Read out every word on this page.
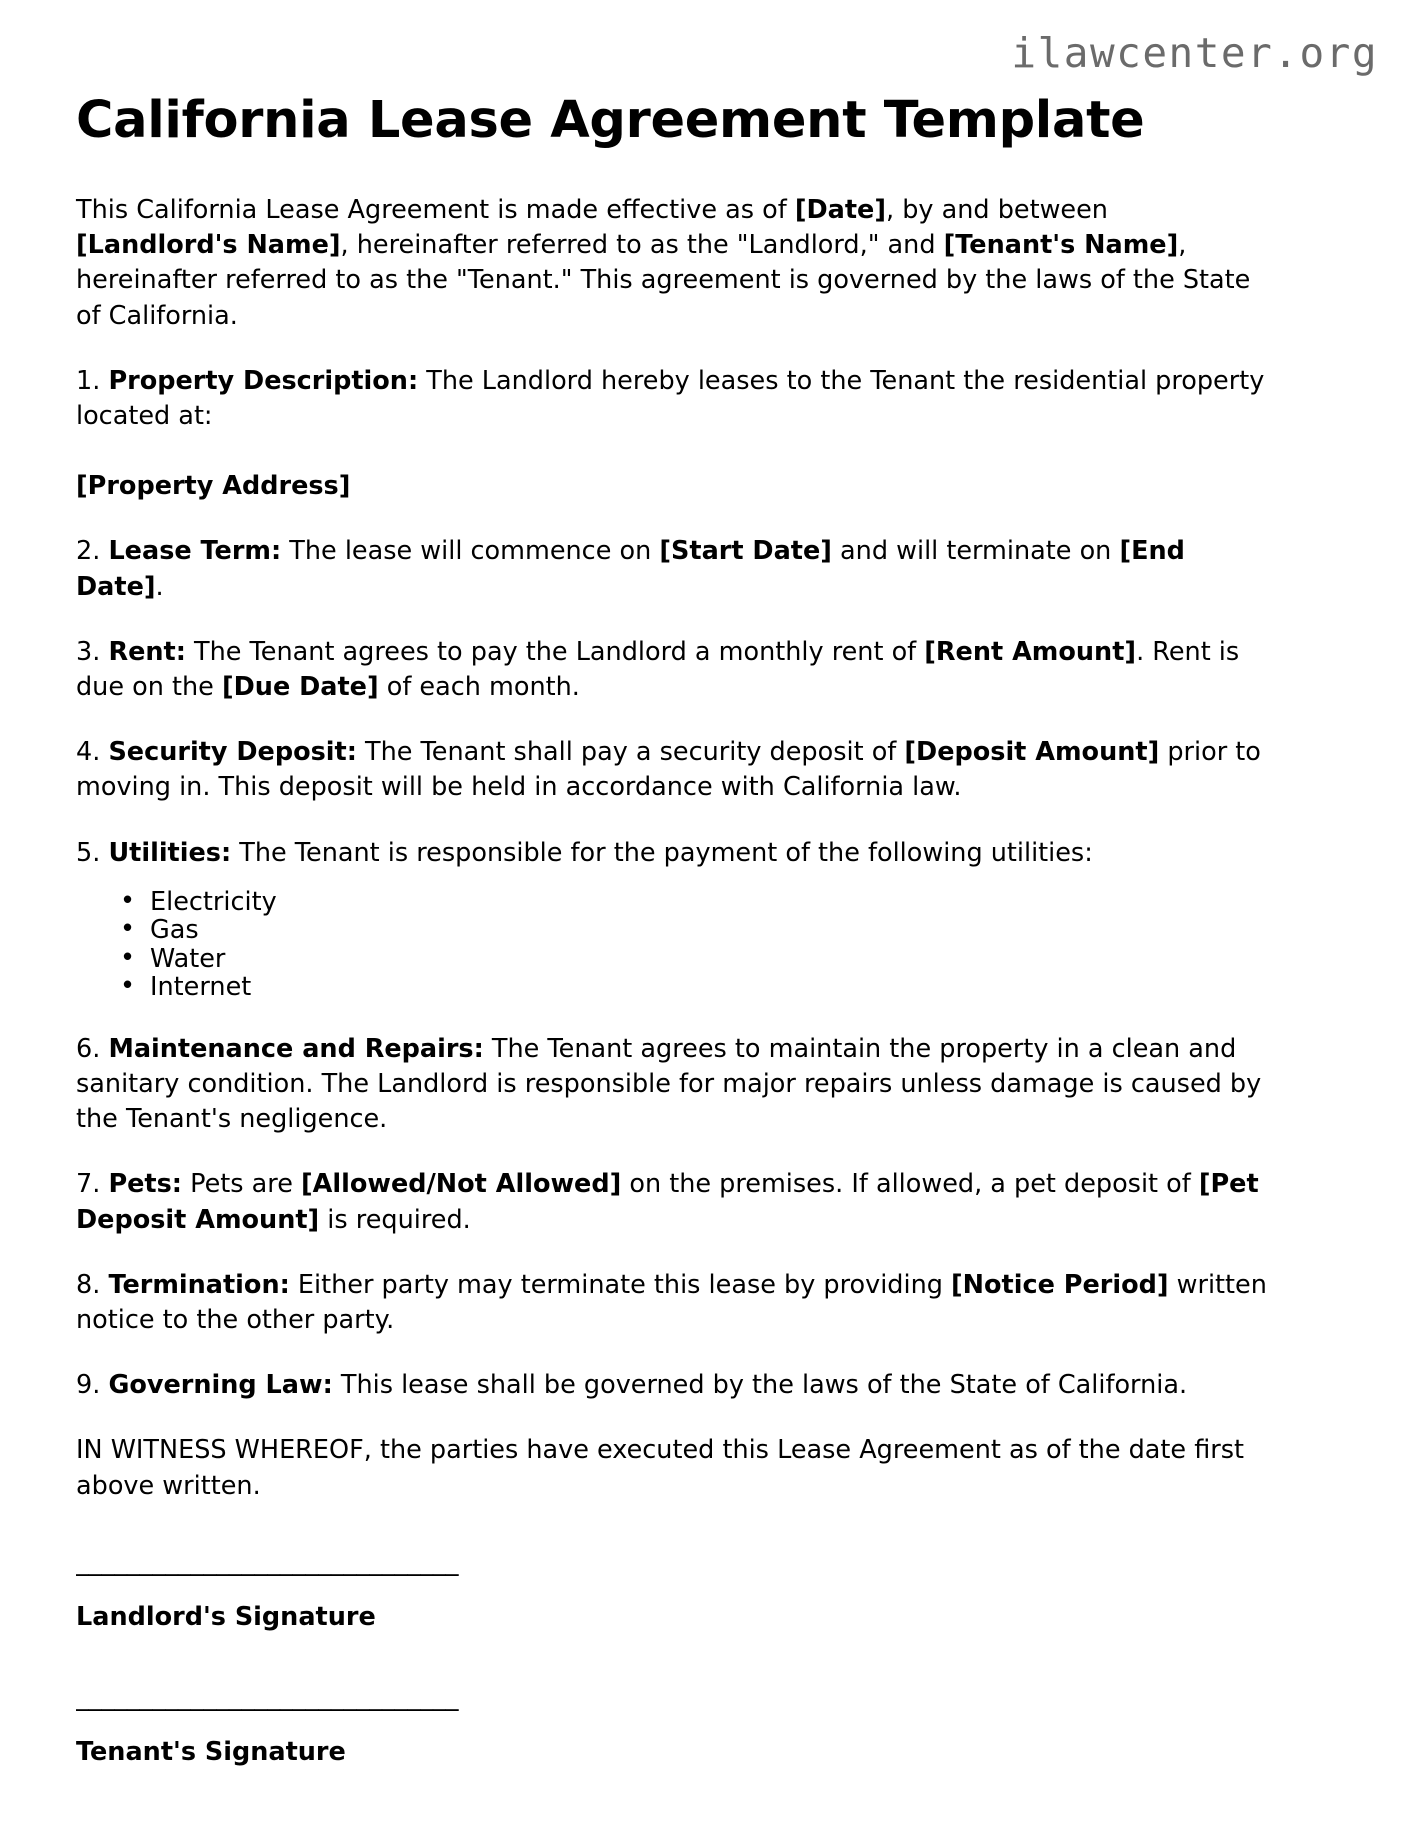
ilawcenter.org
California Lease Agreement Template

This California Lease Agreement is made effective as of [Date], by and between [Landlord's Name], hereinafter referred to as the "Landlord," and [Tenant's Name], hereinafter referred to as the "Tenant." This agreement is governed by the laws of the State of California.

1. Property Description: The Landlord hereby leases to the Tenant the residential property located at:

[Property Address]

2. Lease Term: The lease will commence on [Start Date] and will terminate on [End Date].

3. Rent: The Tenant agrees to pay the Landlord a monthly rent of [Rent Amount]. Rent is due on the [Due Date] of each month.

4. Security Deposit: The Tenant shall pay a security deposit of [Deposit Amount] prior to moving in. This deposit will be held in accordance with California law.

5. Utilities: The Tenant is responsible for the payment of the following utilities:

• Electricity
• Gas
• Water
• Internet

6. Maintenance and Repairs: The Tenant agrees to maintain the property in a clean and sanitary condition. The Landlord is responsible for major repairs unless damage is caused by the Tenant's negligence.

7. Pets: Pets are [Allowed/Not Allowed] on the premises. If allowed, a pet deposit of [Pet Deposit Amount] is required.

8. Termination: Either party may terminate this lease by providing [Notice Period] written notice to the other party.

9. Governing Law: This lease shall be governed by the laws of the State of California.

IN WITNESS WHEREOF, the parties have executed this Lease Agreement as of the date first above written.

______________________________
Landlord's Signature
______________________________
Tenant's Signature
